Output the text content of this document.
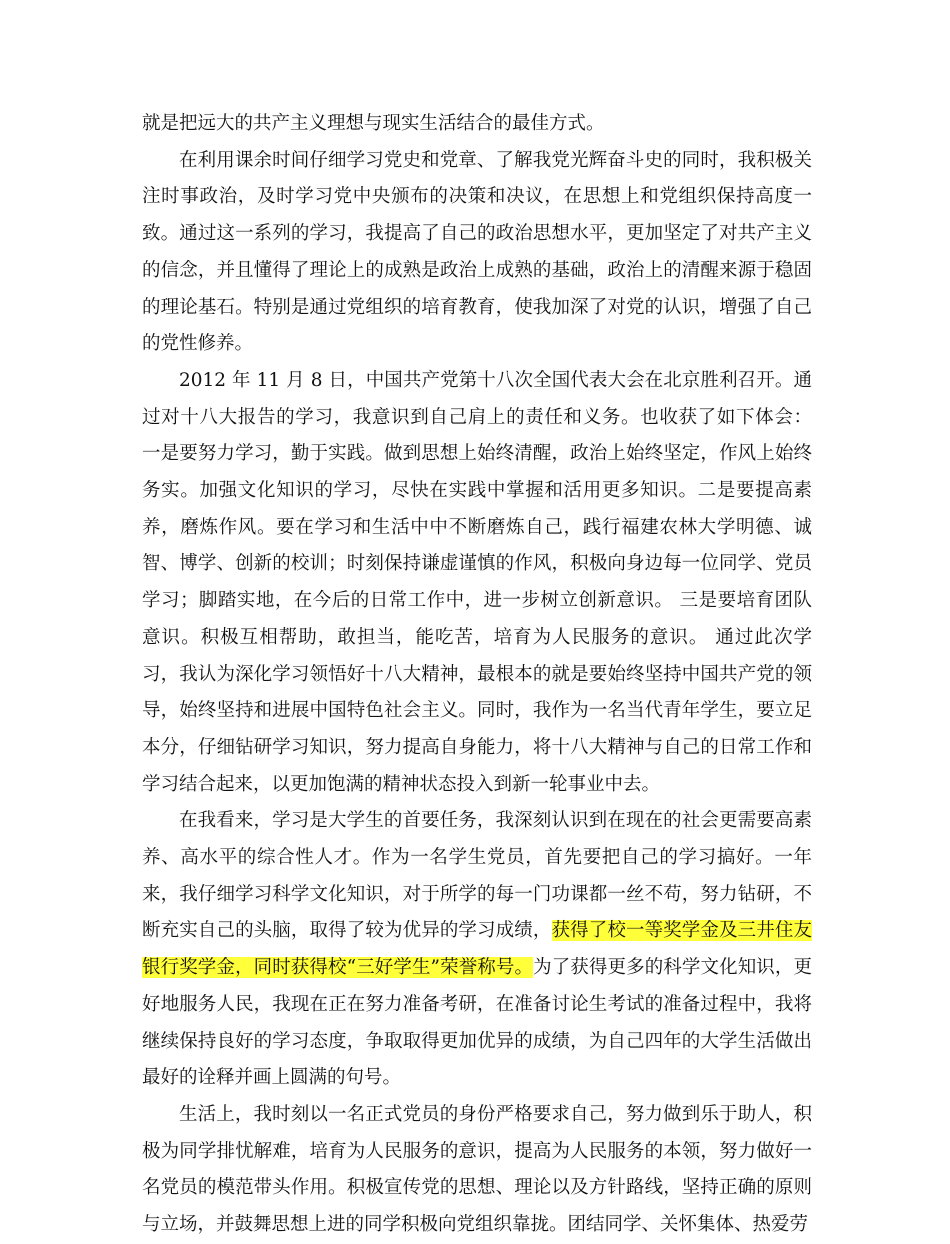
就是把远大的共产主义理想与现实生活结合的最佳方式。

在利用课余时间仔细学习党史和党章、了解我党光辉奋斗史的同时，我积极关注时事政治，及时学习党中央颁布的决策和决议，在思想上和党组织保持高度一致。通过这一系列的学习，我提高了自己的政治思想水平，更加坚定了对共产主义的信念，并且懂得了理论上的成熟是政治上成熟的基础，政治上的清醒来源于稳固的理论基石。特别是通过党组织的培育教育，使我加深了对党的认识，增强了自己的党性修养。

2012 年 11 月 8 日，中国共产党第十八次全国代表大会在北京胜利召开。通过对十八大报告的学习，我意识到自己肩上的责任和义务。也收获了如下体会： 一是要努力学习，勤于实践。做到思想上始终清醒，政治上始终坚定，作风上始终务实。加强文化知识的学习，尽快在实践中掌握和活用更多知识。二是要提高素养，磨炼作风。要在学习和生活中中不断磨炼自己，践行福建农林大学明德、诚智、博学、创新的校训；时刻保持谦虚谨慎的作风，积极向身边每一位同学、党员学习；脚踏实地，在今后的日常工作中，进一步树立创新意识。 三是要培育团队意识。积极互相帮助，敢担当，能吃苦，培育为人民服务的意识。 通过此次学习，我认为深化学习领悟好十八大精神，最根本的就是要始终坚持中国共产党的领导，始终坚持和进展中国特色社会主义。同时，我作为一名当代青年学生，要立足本分，仔细钻研学习知识，努力提高自身能力，将十八大精神与自己的日常工作和学习结合起来，以更加饱满的精神状态投入到新一轮事业中去。

在我看来，学习是大学生的首要任务，我深刻认识到在现在的社会更需要高素养、高水平的综合性人才。作为一名学生党员，首先要把自己的学习搞好。一年来，我仔细学习科学文化知识，对于所学的每一门功课都一丝不苟，努力钻研，不断充实自己的头脑，取得了较为优异的学习成绩，获得了校一等奖学金及三井住友银行奖学金，同时获得校“三好学生”荣誉称号。为了获得更多的科学文化知识，更好地服务人民，我现在正在努力准备考研，在准备讨论生考试的准备过程中，我将继续保持良好的学习态度，争取取得更加优异的成绩，为自己四年的大学生活做出最好的诠释并画上圆满的句号。

生活上，我时刻以一名正式党员的身份严格要求自己，努力做到乐于助人，积极为同学排忧解难，培育为人民服务的意识，提高为人民服务的本领，努力做好一名党员的模范带头作用。积极宣传党的思想、理论以及方针路线，坚持正确的原则与立场，并鼓舞思想上进的同学积极向党组织靠拢。团结同学、关怀集体、热爱劳
